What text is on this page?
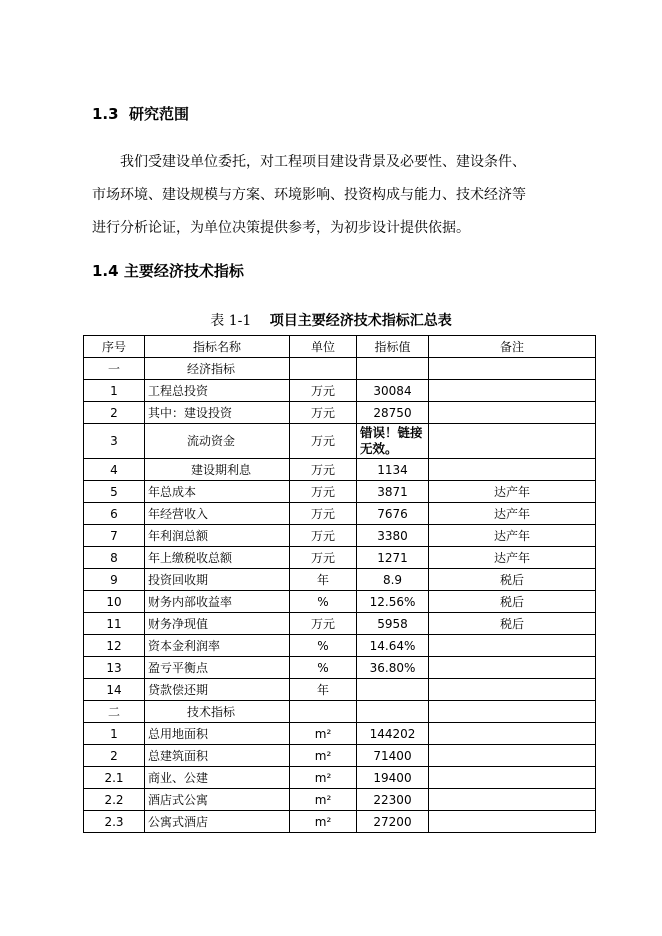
1.3 研究范围
我们受建设单位委托，对工程项目建设背景及必要性、建设条件、
市场环境、建设规模与方案、环境影响、投资构成与能力、技术经济等
进行分析论证，为单位决策提供参考，为初步设计提供依据。
1.4 主要经济技术指标
表 1-1 项目主要经济技术指标汇总表
序号	指标名称	单位	指标值	备注
一	经济指标			
1	工程总投资	万元	30084	
2	其中：建设投资	万元	28750	
3	流动资金	万元	错误！链接无效。	
4	建设期利息	万元	1134	
5	年总成本	万元	3871	达产年
6	年经营收入	万元	7676	达产年
7	年利润总额	万元	3380	达产年
8	年上缴税收总额	万元	1271	达产年
9	投资回收期	年	8.9	税后
10	财务内部收益率	%	12.56%	税后
11	财务净现值	万元	5958	税后
12	资本金利润率	%	14.64%	
13	盈亏平衡点	%	36.80%	
14	贷款偿还期	年		
二	技术指标			
1	总用地面积	m²	144202	
2	总建筑面积	m²	71400	
2.1	商业、公建	m²	19400	
2.2	酒店式公寓	m²	22300	
2.3	公寓式酒店	m²	27200	
